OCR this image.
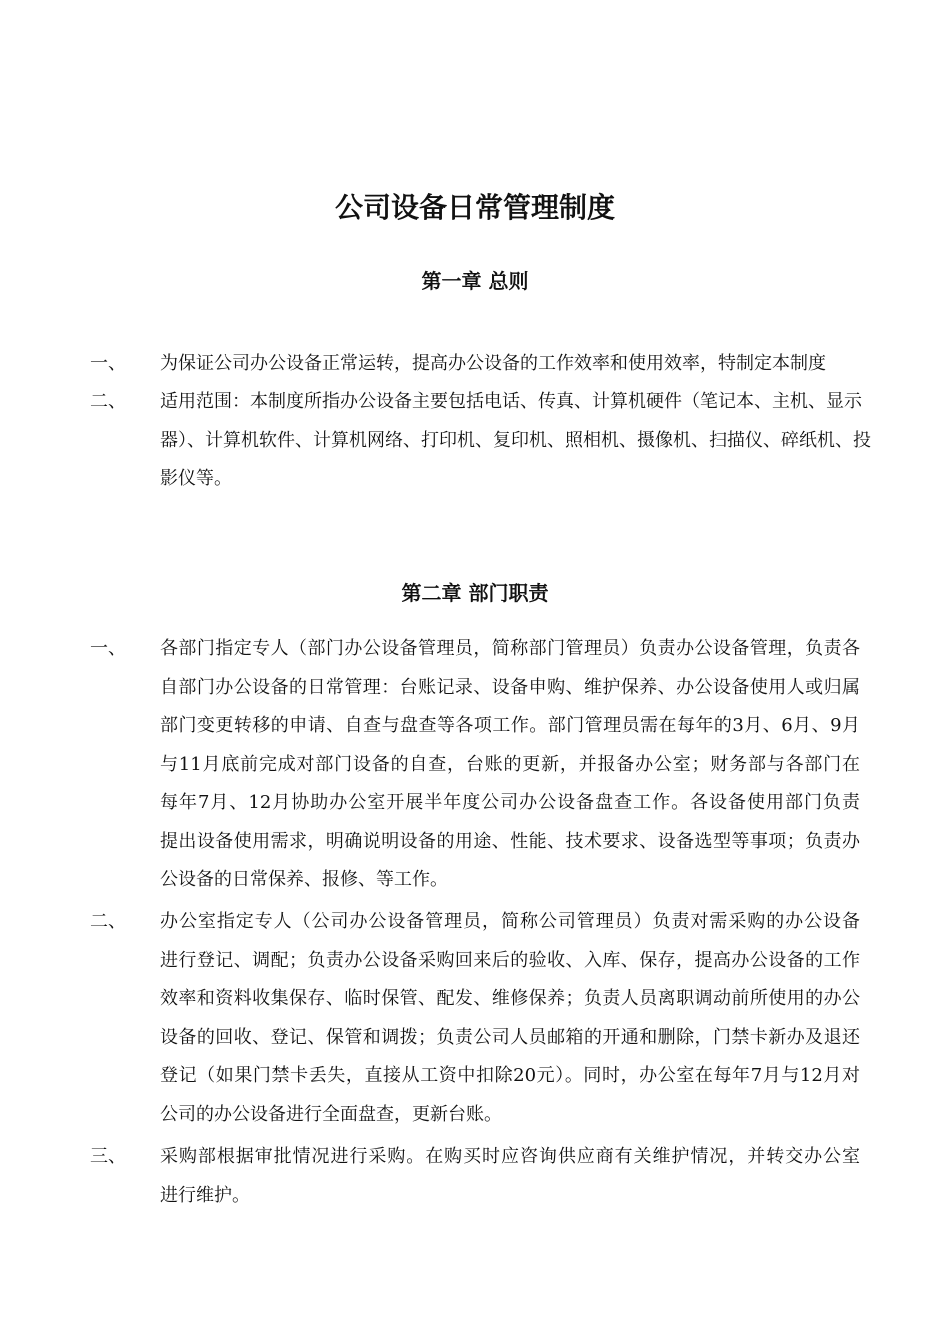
公司设备日常管理制度
第一章 总则
第二章 部门职责
一、 为保证公司办公设备正常运转，提高办公设备的工作效率和使用效率，特制定本制度
二、 适用范围：本制度所指办公设备主要包括电话、传真、计算机硬件（笔记本、主机、显示
器）、计算机软件、计算机网络、打印机、复印机、照相机、摄像机、扫描仪、碎纸机、投
影仪等。
一、 各部门指定专人（部门办公设备管理员，简称部门管理员）负责办公设备管理，负责各
自部门办公设备的日常管理：台账记录、设备申购、维护保养、办公设备使用人或归属
部门变更转移的申请、自查与盘查等各项工作。部门管理员需在每年的3月、6月、9月
与11月底前完成对部门设备的自查，台账的更新，并报备办公室；财务部与各部门在
每年7月、12月协助办公室开展半年度公司办公设备盘查工作。各设备使用部门负责
提出设备使用需求，明确说明设备的用途、性能、技术要求、设备选型等事项；负责办
公设备的日常保养、报修、等工作。
二、 办公室指定专人（公司办公设备管理员，简称公司管理员）负责对需采购的办公设备
进行登记、调配；负责办公设备采购回来后的验收、入库、保存，提高办公设备的工作
效率和资料收集保存、临时保管、配发、维修保养；负责人员离职调动前所使用的办公
设备的回收、登记、保管和调拨；负责公司人员邮箱的开通和删除，门禁卡新办及退还
登记（如果门禁卡丢失，直接从工资中扣除20元）。同时，办公室在每年7月与12月对
公司的办公设备进行全面盘查，更新台账。
三、 采购部根据审批情况进行采购。在购买时应咨询供应商有关维护情况，并转交办公室
进行维护。
